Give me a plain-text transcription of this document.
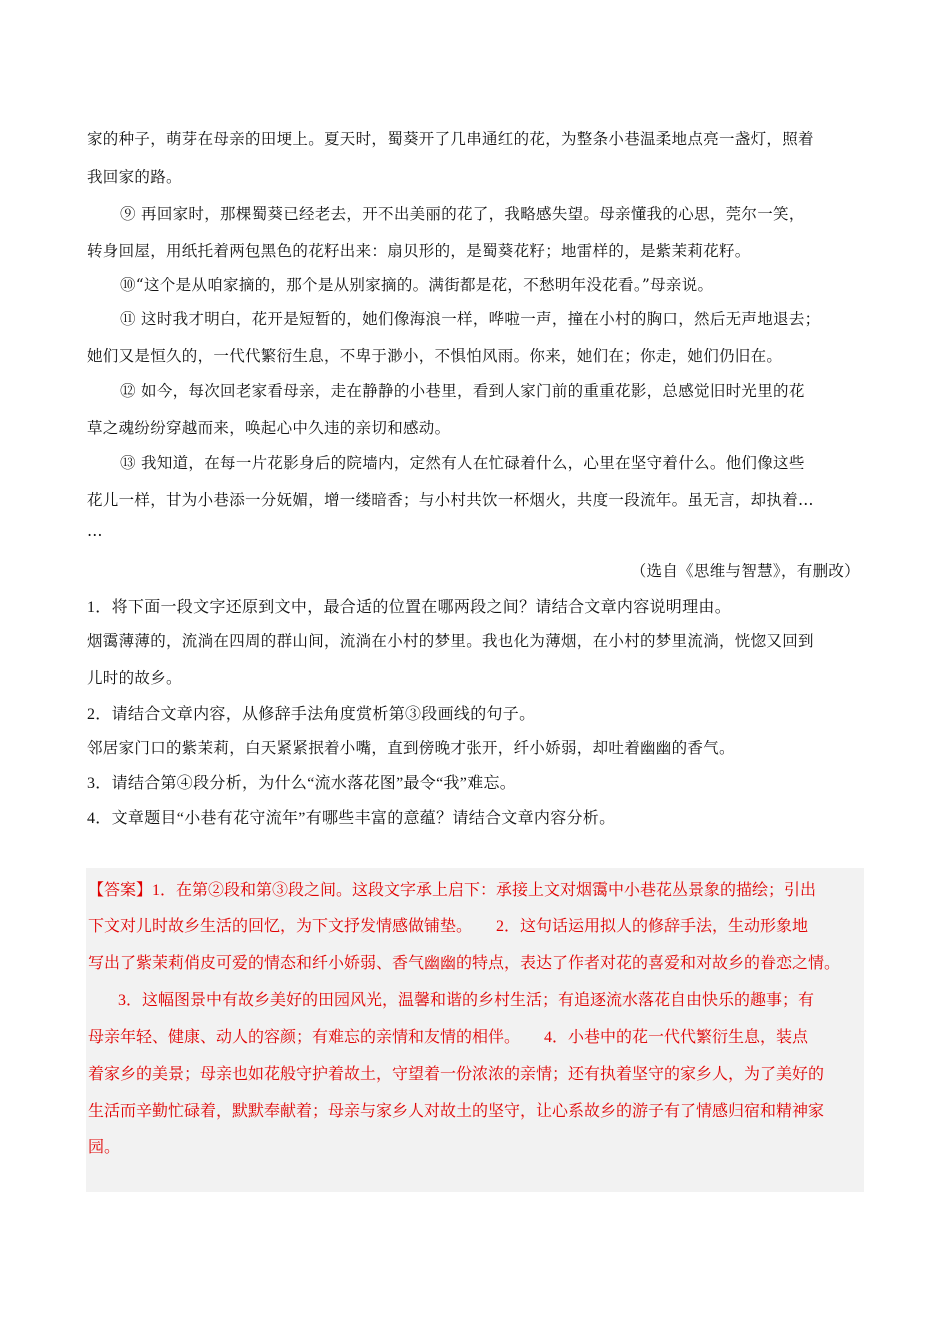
家的种子，萌芽在母亲的田埂上。夏天时，蜀葵开了几串通红的花，为整条小巷温柔地点亮一盏灯，照着
我回家的路。
⑨ 再回家时，那棵蜀葵已经老去，开不出美丽的花了，我略感失望。母亲懂我的心思，莞尔一笑，
转身回屋，用纸托着两包黑色的花籽出来：扇贝形的，是蜀葵花籽；地雷样的，是紫茉莉花籽。
⑩“这个是从咱家摘的，那个是从别家摘的。满街都是花，不愁明年没花看。”母亲说。
⑪ 这时我才明白，花开是短暂的，她们像海浪一样，哗啦一声，撞在小村的胸口，然后无声地退去；
她们又是恒久的，一代代繁衍生息，不卑于渺小，不惧怕风雨。你来，她们在；你走，她们仍旧在。
⑫ 如今，每次回老家看母亲，走在静静的小巷里，看到人家门前的重重花影，总感觉旧时光里的花
草之魂纷纷穿越而来，唤起心中久违的亲切和感动。
⑬ 我知道，在每一片花影身后的院墙内，定然有人在忙碌着什么，心里在坚守着什么。他们像这些
花儿一样，甘为小巷添一分妩媚，增一缕暗香；与小村共饮一杯烟火，共度一段流年。虽无言，却执着…
…
（选自《思维与智慧》，有删改）
1．将下面一段文字还原到文中，最合适的位置在哪两段之间？请结合文章内容说明理由。
烟霭薄薄的，流淌在四周的群山间，流淌在小村的梦里。我也化为薄烟，在小村的梦里流淌，恍惚又回到
儿时的故乡。
2．请结合文章内容，从修辞手法角度赏析第③段画线的句子。
邻居家门口的紫茉莉，白天紧紧抿着小嘴，直到傍晚才张开，纤小娇弱，却吐着幽幽的香气。
3．请结合第④段分析，为什么“流水落花图”最令“我”难忘。
4．文章题目“小巷有花守流年”有哪些丰富的意蕴？请结合文章内容分析。
【答案】1．在第②段和第③段之间。这段文字承上启下：承接上文对烟霭中小巷花丛景象的描绘；引出
下文对儿时故乡生活的回忆，为下文抒发情感做铺垫。　　2．这句话运用拟人的修辞手法，生动形象地
写出了紫茉莉俏皮可爱的情态和纤小娇弱、香气幽幽的特点，表达了作者对花的喜爱和对故乡的眷恋之情。
3．这幅图景中有故乡美好的田园风光，温馨和谐的乡村生活；有追逐流水落花自由快乐的趣事；有
母亲年轻、健康、动人的容颜；有难忘的亲情和友情的相伴。　　4．小巷中的花一代代繁衍生息，装点
着家乡的美景；母亲也如花般守护着故土，守望着一份浓浓的亲情；还有执着坚守的家乡人，为了美好的
生活而辛勤忙碌着，默默奉献着；母亲与家乡人对故土的坚守，让心系故乡的游子有了情感归宿和精神家
园。
